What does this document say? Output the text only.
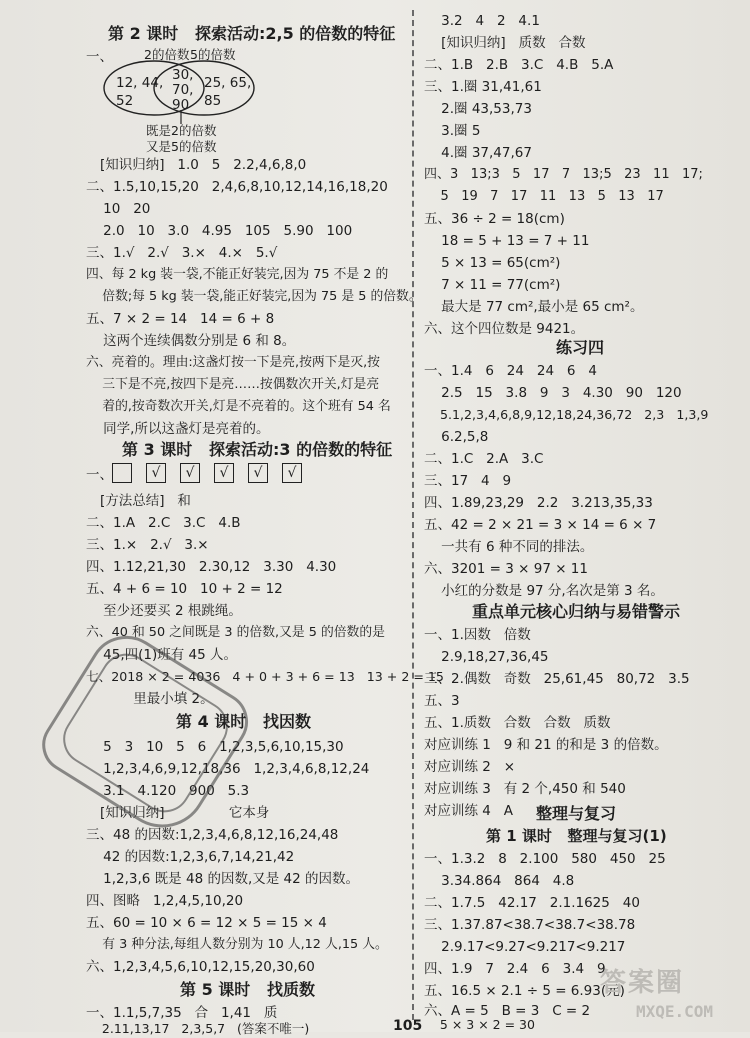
第 2 课时   探索活动:2,5 的倍数的特征
一、 2的倍数 5的倍数
12, 44,
52
30,
70,
90
25, 65,
85
既是2的倍数
又是5的倍数
[知识归纳]   1.0   5   2.2,4,6,8,0
二、1.5,10,15,20   2,4,6,8,10,12,14,16,18,20
10   20
2.0   10   3.0   4.95   105   5.90   100
三、1.√   2.√   3.×   4.×   5.√
四、每 2 kg 装一袋,不能正好装完,因为 75 不是 2 的
倍数;每 5 kg 装一袋,能正好装完,因为 75 是 5 的倍数。
五、7 × 2 = 14   14 = 6 + 8
这两个连续偶数分别是 6 和 8。
六、亮着的。理由:这盏灯按一下是亮,按两下是灭,按
三下是不亮,按四下是亮……按偶数次开关,灯是亮
着的,按奇数次开关,灯是不亮着的。这个班有 54 名
同学,所以这盏灯是亮着的。
第 3 课时   探索活动:3 的倍数的特征
一、	√ √ √ √ √
[方法总结]   和
二、1.A   2.C   3.C   4.B
三、1.×   2.√   3.×
四、1.12,21,30   2.30,12   3.30   4.30
五、4 + 6 = 10   10 + 2 = 12
至少还要买 2 根跳绳。
六、40 和 50 之间既是 3 的倍数,又是 5 的倍数的是
45,四(1)班有 45 人。
七、2018 × 2 = 4036   4 + 0 + 3 + 6 = 13   13 + 2 = 15
里最小填 2。
第 4 课时   找因数
5   3   10   5   6   1,2,3,5,6,10,15,30
1,2,3,4,6,9,12,18,36   1,2,3,4,6,8,12,24
3.1   4.120   900   5.3
[知识归纳]               它本身
三、48 的因数:1,2,3,4,6,8,12,16,24,48
42 的因数:1,2,3,6,7,14,21,42
1,2,3,6 既是 48 的因数,又是 42 的因数。
四、图略   1,2,4,5,10,20
五、60 = 10 × 6 = 12 × 5 = 15 × 4
有 3 种分法,每组人数分别为 10 人,12 人,15 人。
六、1,2,3,4,5,6,10,12,15,20,30,60
第 5 课时   找质数
一、1.1,5,7,35   合   1,41   质
2.11,13,17   2,3,5,7   (答案不唯一)
3.2   4   2   4.1
[知识归纳]   质数   合数
二、1.B   2.B   3.C   4.B   5.A
三、1.圈 31,41,61
2.圈 43,53,73
3.圈 5
4.圈 37,47,67
四、3   13;3   5   17   7   13;5   23   11   17;
5   19   7   17   11   13   5   13   17
五、36 ÷ 2 = 18(cm)
18 = 5 + 13 = 7 + 11
5 × 13 = 65(cm²)
7 × 11 = 77(cm²)
最大是 77 cm²,最小是 65 cm²。
六、这个四位数是 9421。
练习四
一、1.4   6   24   24   6   4
2.5   15   3.8   9   3   4.30   90   120
5.1,2,3,4,6,8,9,12,18,24,36,72   2,3   1,3,9
6.2,5,8
二、1.C   2.A   3.C
三、17   4   9
四、1.89,23,29   2.2   3.213,35,33
五、42 = 2 × 21 = 3 × 14 = 6 × 7
一共有 6 种不同的排法。
六、3201 = 3 × 97 × 11
小红的分数是 97 分,名次是第 3 名。
重点单元核心归纳与易错警示
一、1.因数   倍数
2.9,18,27,36,45
三、2.偶数   奇数   25,61,45   80,72   3.5
五、3
五、1.质数   合数   合数   质数
对应训练 1   9 和 21 的和是 3 的倍数。
对应训练 2   ×
对应训练 3   有 2 个,450 和 540
对应训练 4   A 整理与复习
第 1 课时   整理与复习(1)
一、1.3.2   8   2.100   580   450   25
3.34.864   864   4.8
二、1.7.5   42.17   2.1.1625   40
三、1.37.87<38.7<38.7<38.78
2.9.17<9.27<9.217<9.217
四、1.9   7   2.4   6   3.4   9
五、16.5 × 2.1 ÷ 5 = 6.93(元)
六、A = 5   B = 3   C = 2
5 × 3 × 2 = 30
答案圈
MXQE.COM
105
